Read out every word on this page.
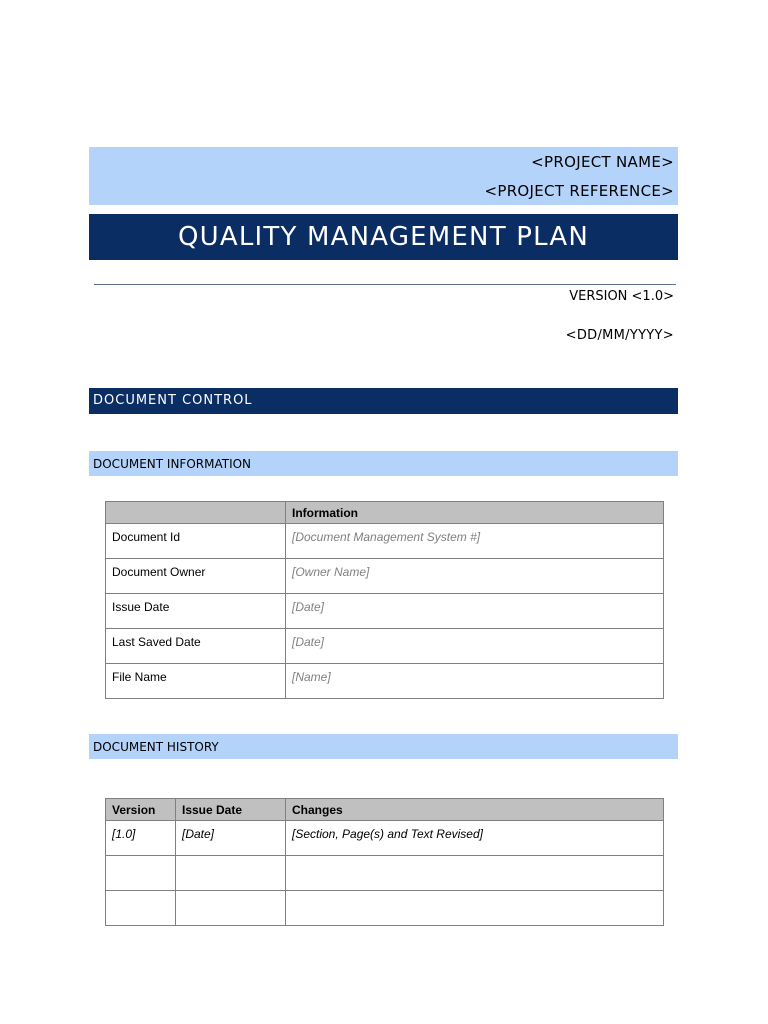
<PROJECT NAME>
<PROJECT REFERENCE>
QUALITY MANAGEMENT PLAN
VERSION <1.0>
<DD/MM/YYYY>
DOCUMENT CONTROL
DOCUMENT INFORMATION
	Information
Document Id	[Document Management System #]
Document Owner	[Owner Name]
Issue Date	[Date]
Last Saved Date	[Date]
File Name	[Name]
DOCUMENT HISTORY
Version	Issue Date	Changes
[1.0]	[Date]	[Section, Page(s) and Text Revised]
